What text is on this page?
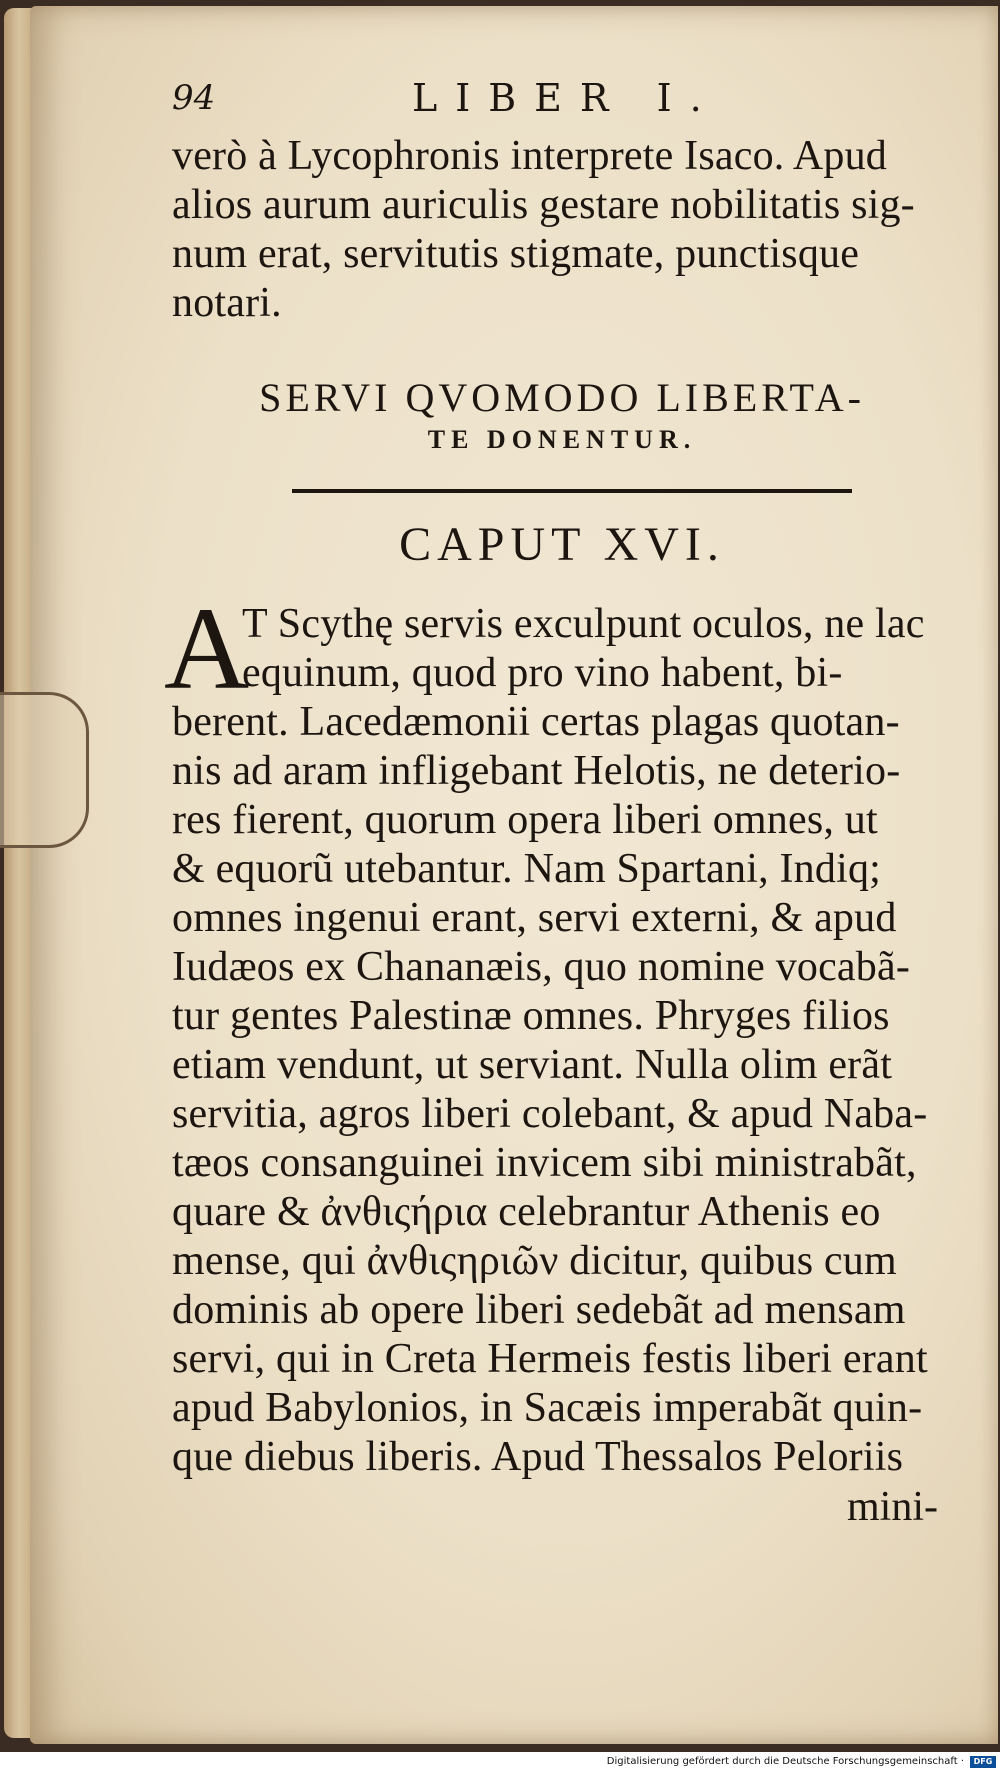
94	LIBER I.
verò à Lycophronis interprete Isaco. Apud
alios aurum auriculis gestare nobilitatis sig-
num erat, servitutis stigmate, punctisque
notari.
SERVI QVOMODO LIBERTA-
TE DONENTUR.
CAPUT XVI.
A
T Scythę servis exculpunt oculos, ne lac
equinum, quod pro vino habent, bi-
berent. Lacedæmonii certas plagas quotan-
nis ad aram infligebant Helotis, ne deterio-
res fierent, quorum opera liberi omnes, ut
& equorũ utebantur. Nam Spartani, Indiq;
omnes ingenui erant, servi externi, & apud
Iudæos ex Chananæis, quo nomine vocabã-
tur gentes Palestinæ omnes. Phryges filios
etiam vendunt, ut serviant. Nulla olim erãt
servitia, agros liberi colebant, & apud Naba-
tæos consanguinei invicem sibi ministrabãt,
quare & ἀνθιςήρια celebrantur Athenis eo
mense, qui ἀνθιςηριῶν dicitur, quibus cum
dominis ab opere liberi sedebãt ad mensam
servi, qui in Creta Hermeis festis liberi erant
apud Babylonios, in Sacæis imperabãt quin-
que diebus liberis. Apud Thessalos Peloriis
mini-
Digitalisierung gefördert durch die Deutsche Forschungsgemeinschaft ·	DFG
